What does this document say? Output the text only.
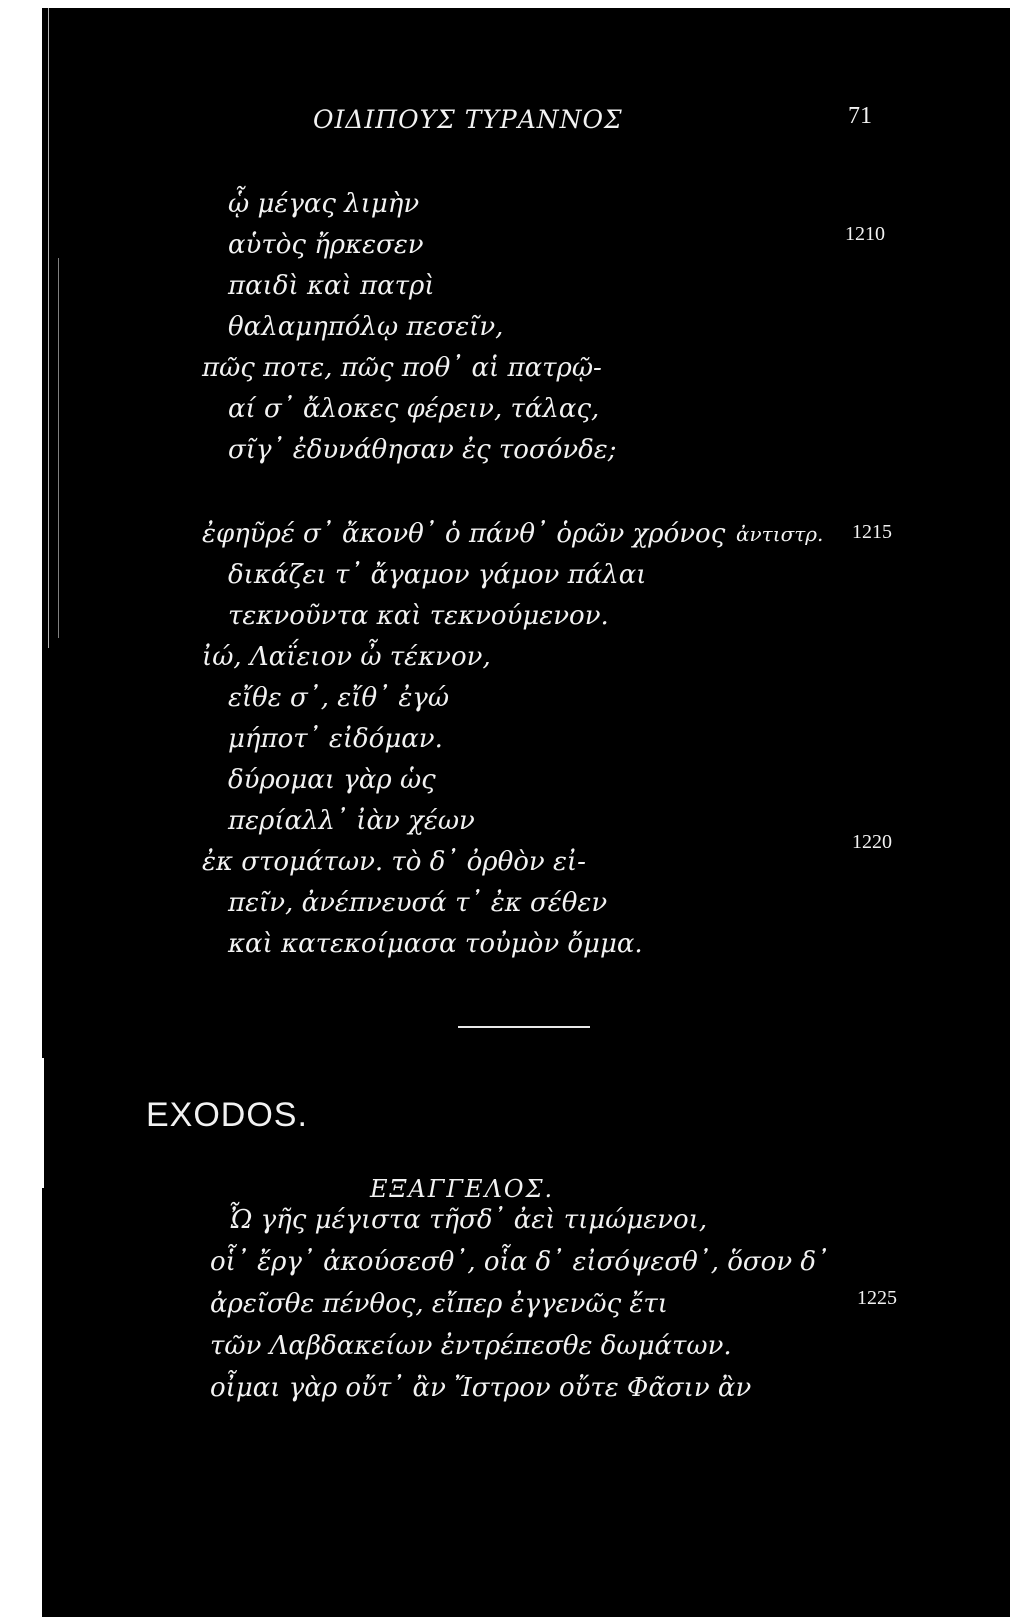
ΟΙΔΙΠΟΥΣ ΤΥΡΑΝΝΟΣ	71
ᾧ μέγας λιμὴν
αὑτὸς ἤρκεσεν	1210
παιδὶ καὶ πατρὶ
θαλαμηπόλῳ πεσεῖν,
πῶς ποτε, πῶς ποθ᾽ αἱ πατρῷ-
αί σ᾽ ἄλοκες φέρειν, τάλας,
σῖγ᾽ ἐδυνάθησαν ἐς τοσόνδε;
ἐφηῦρέ σ᾽ ἄκονθ᾽ ὁ πάνθ᾽ ὁρῶν χρόνος ἀντιστρ. 1215
δικάζει τ᾽ ἄγαμον γάμον πάλαι
τεκνοῦντα καὶ τεκνούμενον.
ἰώ, Λαΐειον ὦ τέκνον,
εἴθε σ᾽, εἴθ᾽ ἐγώ
μήποτ᾽ εἰδόμαν.
δύρομαι γὰρ ὡς
περίαλλ᾽ ἰὰν χέων
ἐκ στομάτων. τὸ δ᾽ ὀρθὸν εἰ-
1220
πεῖν, ἀνέπνευσά τ᾽ ἐκ σέθεν
καὶ κατεκοίμασα τοὐμὸν ὄμμα.
EXODOS.
ΕΞΑΓΓΕΛΟΣ.
Ὦ γῆς μέγιστα τῆσδ᾽ ἀεὶ τιμώμενοι,
οἷ᾽ ἔργ᾽ ἀκούσεσθ᾽, οἷα δ᾽ εἰσόψεσθ᾽, ὅσον δ᾽
ἀρεῖσθε πένθος, εἴπερ ἐγγενῶς ἔτι	1225
τῶν Λαβδακείων ἐντρέπεσθε δωμάτων.
οἶμαι γὰρ οὔτ᾽ ἂν Ἴστρον οὔτε Φᾶσιν ἂν
